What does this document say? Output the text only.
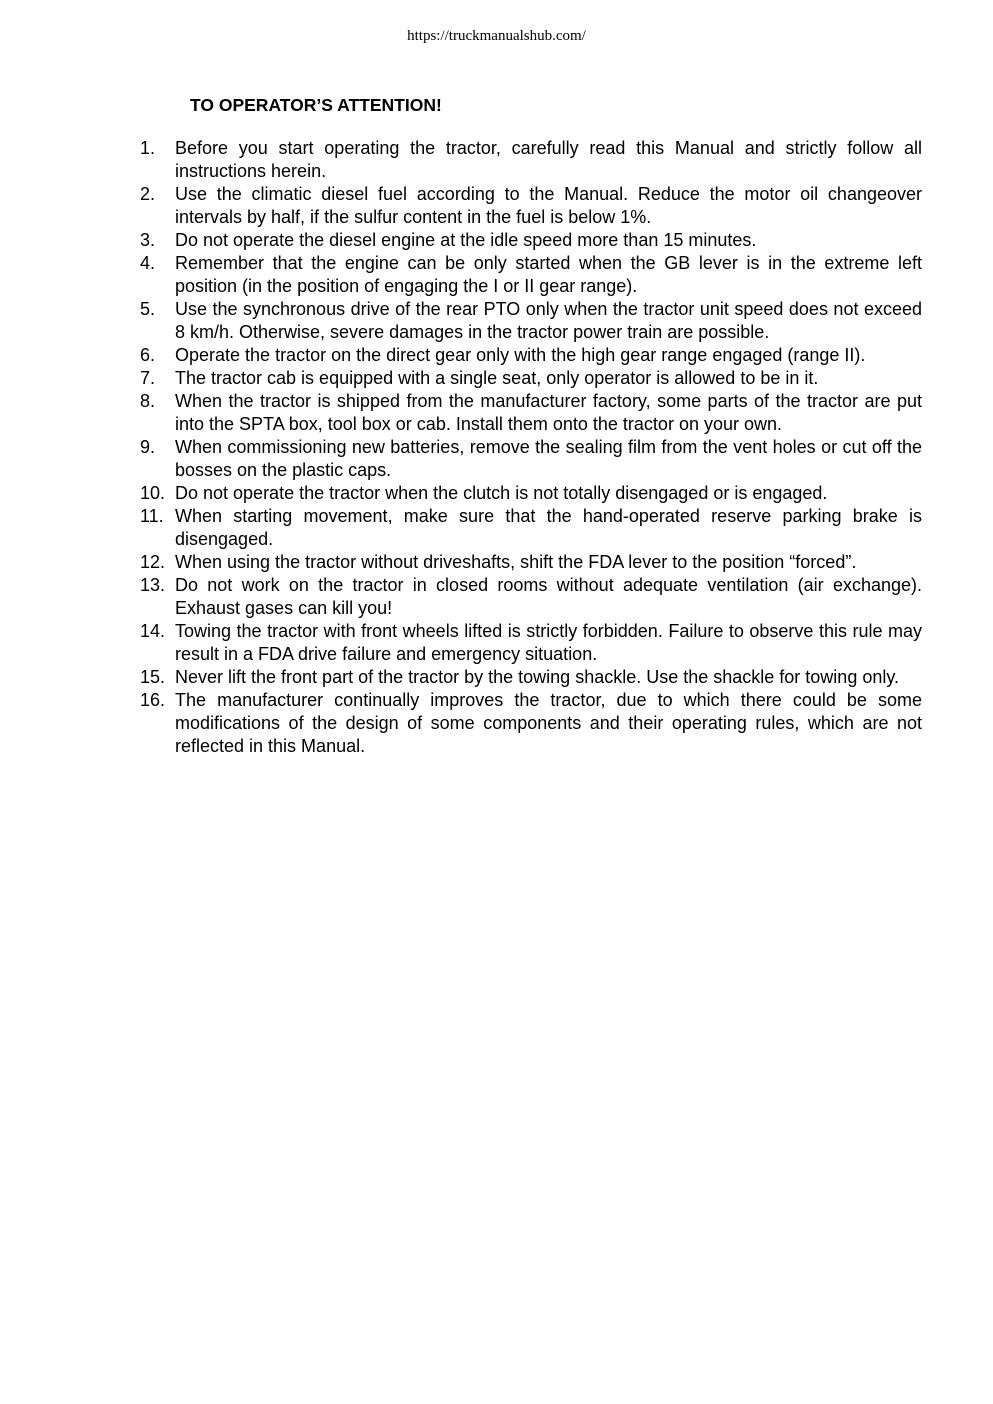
https://truckmanualshub.com/
TO OPERATOR’S ATTENTION!
1.	Before you start operating the tractor, carefully read this Manual and strictly follow all instructions herein.
2.	Use the climatic diesel fuel according to the Manual. Reduce the motor oil changeover intervals by half, if the sulfur content in the fuel is below 1%.
3.	Do not operate the diesel engine at the idle speed more than 15 minutes.
4.	Remember that the engine can be only started when the GB lever is in the extreme left position (in the position of engaging the I or II gear range).
5.	Use the synchronous drive of the rear PTO only when the tractor unit speed does not exceed 8 km/h. Otherwise, severe damages in the tractor power train are possible.
6.	Operate the tractor on the direct gear only with the high gear range engaged (range II).
7.	The tractor cab is equipped with a single seat, only operator is allowed to be in it.
8.	When the tractor is shipped from the manufacturer factory, some parts of the tractor are put into the SPTA box, tool box or cab. Install them onto the tractor on your own.
9.	When commissioning new batteries, remove the sealing film from the vent holes or cut off the bosses on the plastic caps.
10. Do not operate the tractor when the clutch is not totally disengaged or is engaged.
11. When starting movement, make sure that the hand-operated reserve parking brake is disengaged.
12. When using the tractor without driveshafts, shift the FDA lever to the position “forced”.
13. Do not work on the tractor in closed rooms without adequate ventilation (air exchange). Exhaust gases can kill you!
14. Towing the tractor with front wheels lifted is strictly forbidden. Failure to observe this rule may result in a FDA drive failure and emergency situation.
15. Never lift the front part of the tractor by the towing shackle. Use the shackle for towing only.
16. The manufacturer continually improves the tractor, due to which there could be some modifications of the design of some components and their operating rules, which are not reflected in this Manual.
